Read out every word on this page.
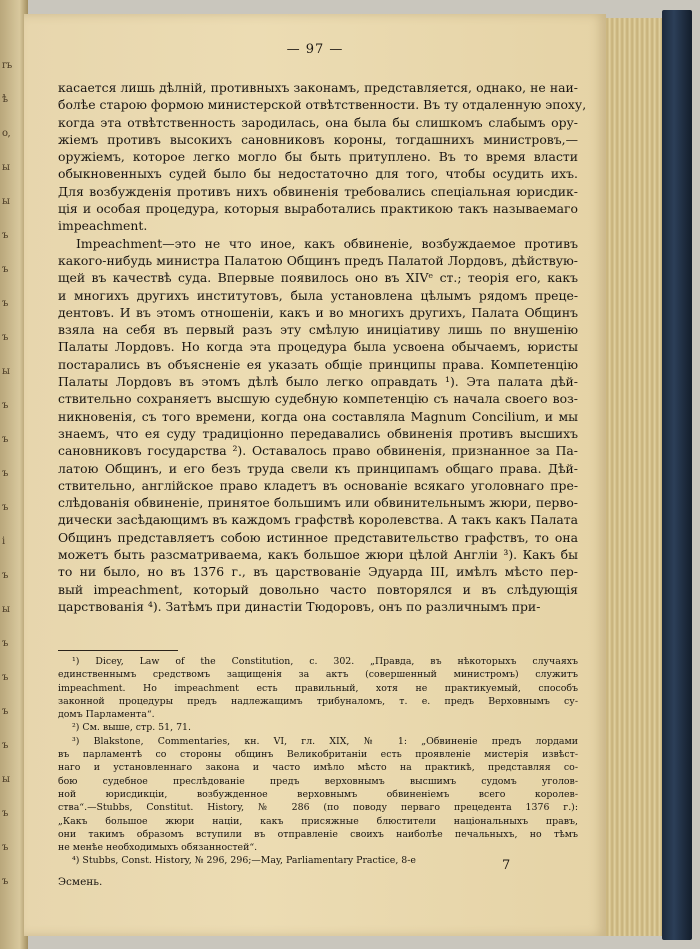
гь
ѣ
о,
ы
ы
ъ
ъ
ъ
ъ
ы
ъ
ъ
ъ
ъ
і
ъ
ы
ъ
ъ
ъ
ъ
ы
ъ
ъ
ъ
— 97 —
касается лишь дѣлній, противныхъ законамъ, представляется, однако, не наи-
болѣе старою формою министерской отвѣтственности. Въ ту отдаленную эпоху,
когда эта отвѣтственность зародилась, она была бы слишкомъ слабымъ ору-
жіемъ противъ высокихъ сановниковъ короны, тогдашнихъ министровъ,—
оружіемъ, которое легко могло бы быть притуплено. Въ то время власти
обыкновенныхъ судей было бы недостаточно для того, чтобы осудить ихъ.
Для возбужденія противъ нихъ обвиненія требовались спеціальная юрисдик-
ція и особая процедура, которыя выработались практикою такъ называемаго
impeachment.
Impeachment—это не что иное, какъ обвиненіе, возбуждаемое противъ
какого-нибудь министра Палатою Общинъ предъ Палатой Лордовъ, дѣйствую-
щей въ качествѣ суда. Впервые появилось оно въ XIVᵉ ст.; теорія его, какъ
и многихъ другихъ институтовъ, была установлена цѣлымъ рядомъ преце-
дентовъ. И въ этомъ отношеніи, какъ и во многихъ другихъ, Палата Общинъ
взяла на себя въ первый разъ эту смѣлую иниціативу лишь по внушенію
Палаты Лордовъ. Но когда эта процедура была усвоена обычаемъ, юристы
постарались въ объясненіе ея указать общіе принципы права. Компетенцію
Палаты Лордовъ въ этомъ дѣлѣ было легко оправдать ¹). Эта палата дѣй-
ствительно сохраняетъ высшую судебную компетенцію съ начала своего воз-
никновенія, съ того времени, когда она составляла Magnum Concilium, и мы
знаемъ, что ея суду традиціонно передавались обвиненія противъ высшихъ
сановниковъ государства ²). Оставалось право обвиненія, признанное за Па-
латою Общинъ, и его безъ труда свели къ принципамъ общаго права. Дѣй-
ствительно, англійское право кладетъ въ основаніе всякаго уголовнаго пре-
слѣдованія обвиненіе, принятое большимъ или обвинительнымъ жюри, перво-
дически засѣдающимъ въ каждомъ графствѣ королевства. А такъ какъ Палата
Общинъ представляетъ собою истинное представительство графствъ, то она
можетъ быть разсматриваема, какъ большое жюри цѣлой Англіи ³). Какъ бы
то ни было, но въ 1376 г., въ царствованіе Эдуарда III, имѣлъ мѣсто пер-
вый impeachment, который довольно часто повторялся и въ слѣдующія
царствованія ⁴). Затѣмъ при династіи Тюдоровъ, онъ по различнымъ при-
¹) Dicey, Law of the Constitution, с. 302. „Правда, въ нѣкоторыхъ случаяхъ
единственнымъ средствомъ защищенія за актъ (совершенный министромъ) служитъ
impeachment. Но impeachment есть правильный, хотя не практикуемый, способъ
законной процедуры предъ надлежащимъ трибуналомъ, т. е. предъ Верховнымъ су-
домъ Парламента“.
²) См. выше, стр. 51, 71.
³) Blakstone, Commentaries, кн. VI, гл. XIX, № 1: „Обвиненіе предъ лордами
въ парламентѣ со стороны общинъ Великобританіи есть проявленіе мистерія извѣст-
наго и установленнаго закона и часто имѣло мѣсто на практикѣ, представляя со-
бою судебное преслѣдованіе предъ верховнымъ высшимъ судомъ уголов-
ной юрисдикціи, возбужденное верховнымъ обвиненіемъ всего королев-
ства“.—Stubbs, Constitut. History, № 286 (по поводу перваго прецедента 1376 г.):
„Какъ большое жюри націи, какъ присяжные блюстители національныхъ правъ,
они такимъ образомъ вступили въ отправленіе своихъ наиболѣе печальныхъ, но тѣмъ
не менѣе необходимыхъ обязанностей“.
⁴) Stubbs, Const. History, № 296, 296;—May, Parliamentary Practice, 8-е	7
Эсмень.
